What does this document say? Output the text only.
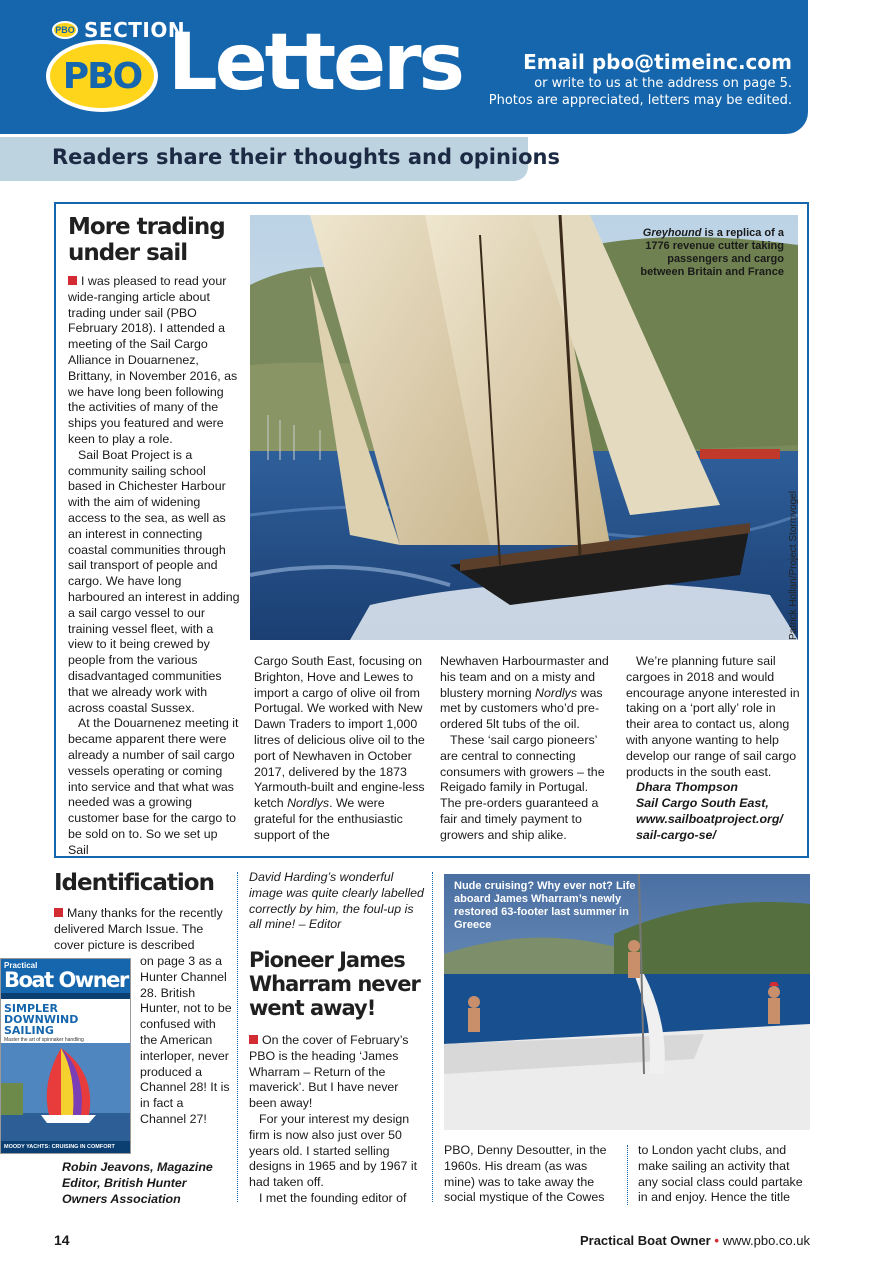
PBO SECTION
PBO Letters	Email pbo@timeinc.com
or write to us at the address on page 5.
Photos are appreciated, letters may be edited.
Readers share their thoughts and opinions
More trading under sail

I was pleased to read your wide-ranging article about trading under sail (PBO February 2018). I attended a meeting of the Sail Cargo Alliance in Douarnenez, Brittany, in November 2016, as we have long been following the activities of many of the ships you featured and were keen to play a role.

Sail Boat Project is a community sailing school based in Chichester Harbour with the aim of widening access to the sea, as well as an interest in connecting coastal communities through sail transport of people and cargo. We have long harboured an interest in adding a sail cargo vessel to our training vessel fleet, with a view to it being crewed by people from the various disadvantaged communities that we already work with across coastal Sussex.

At the Douarnenez meeting it became apparent there were already a number of sail cargo vessels operating or coming into service and that what was needed was a growing customer base for the cargo to be sold on to. So we set up Sail

Greyhound is a replica of a 1776 revenue cutter taking passengers and cargo between Britain and France
Patrick Hollan/Project Stormvogel

Cargo South East, focusing on Brighton, Hove and Lewes to import a cargo of olive oil from Portugal. We worked with New Dawn Traders to import 1,000 litres of delicious olive oil to the port of Newhaven in October 2017, delivered by the 1873 Yarmouth-built and engine-less ketch Nordlys. We were grateful for the enthusiastic support of the

Newhaven Harbourmaster and his team and on a misty and blustery morning Nordlys was met by customers who’d pre-ordered 5lt tubs of the oil.

These ‘sail cargo pioneers’ are central to connecting consumers with growers – the Reigado family in Portugal. The pre-orders guaranteed a fair and timely payment to growers and ship alike.

We’re planning future sail cargoes in 2018 and would encourage anyone interested in taking on a ‘port ally’ role in their area to contact us, along with anyone wanting to help develop our range of sail cargo products in the south east.

Dhara Thompson
Sail Cargo South East,
www.sailboatproject.org/
sail-cargo-se/
Identification
Many thanks for the recently delivered March Issue. The cover picture is described
on page 3 as a Hunter Channel 28. British Hunter, not to be confused with the American interloper, never produced a Channel 28! It is in fact a Channel 27!
Robin Jeavons, Magazine Editor, British Hunter Owners Association
Practical
Boat Owner
SIMPLER DOWNWIND SAILING
Master the art of spinnaker handling
MOODY YACHTS: CRUISING IN COMFORT
David Harding’s wonderful image was quite clearly labelled correctly by him, the foul-up is all mine! – Editor
Pioneer James Wharram never went away!

On the cover of February’s PBO is the heading ‘James Wharram – Return of the maverick’. But I have never been away!

For your interest my design firm is now also just over 50 years old. I started selling designs in 1965 and by 1967 it had taken off.

I met the founding editor of

Nude cruising? Why ever not? Life aboard James Wharram’s newly restored 63-footer last summer in Greece
PBO, Denny Desoutter, in the 1960s. His dream (as was mine) was to take away the social mystique of the Cowes
to London yacht clubs, and make sailing an activity that any social class could partake in and enjoy. Hence the title
14	Practical Boat Owner • www.pbo.co.uk
